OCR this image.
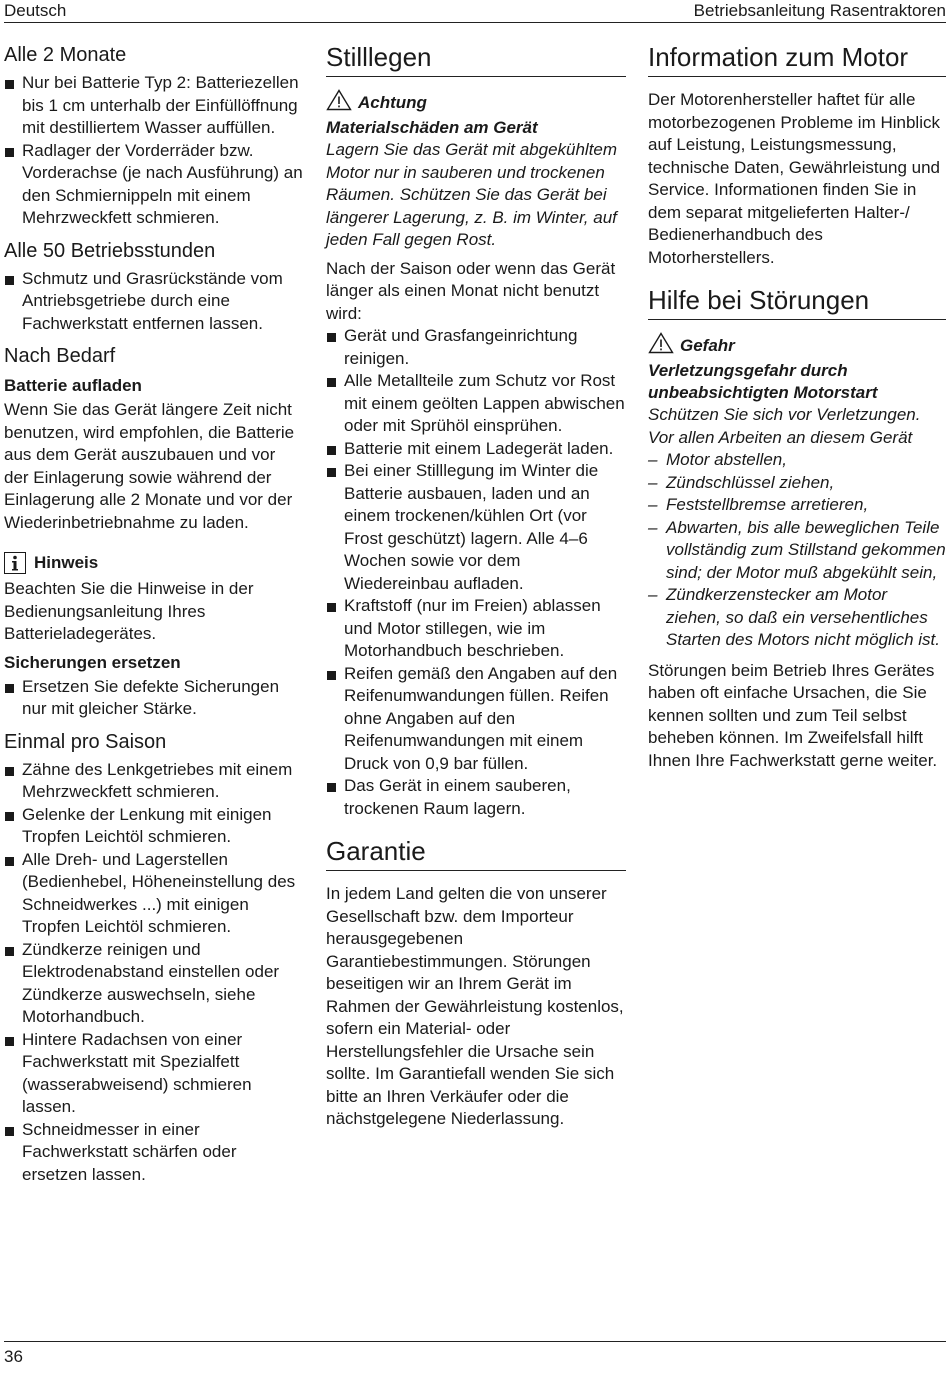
Deutsch	Betriebsanleitung Rasentraktoren
Alle 2 Monate
Nur bei Batterie Typ 2: Batteriezellen bis 1 cm unterhalb der Einfüllöffnung mit destilliertem Wasser auffüllen.
Radlager der Vorderräder bzw. Vorderachse (je nach Ausführung) an den Schmiernippeln mit einem Mehrzweckfett schmieren.
Alle 50 Betriebsstunden
Schmutz und Grasrückstände vom Antriebsgetriebe durch eine Fachwerkstatt entfernen lassen.
Nach Bedarf
Batterie aufladen

Wenn Sie das Gerät längere Zeit nicht benutzen, wird empfohlen, die Batterie aus dem Gerät auszubauen und vor der Einlagerung sowie während der Einlagerung alle 2 Monate und vor der Wiederinbetriebnahme zu laden.

Hinweis

Beachten Sie die Hinweise in der Bedienungsanleitung Ihres Batterieladegerätes.

Sicherungen ersetzen
Ersetzen Sie defekte Sicherungen nur mit gleicher Stärke.
Einmal pro Saison
Zähne des Lenkgetriebes mit einem Mehrzweckfett schmieren.
Gelenke der Lenkung mit einigen Tropfen Leichtöl schmieren.
Alle Dreh- und Lagerstellen (Bedienhebel, Höheneinstellung des Schneidwerkes ...) mit einigen Tropfen Leichtöl schmieren.
Zündkerze reinigen und Elektrodenabstand einstellen oder Zündkerze auswechseln, siehe Motorhandbuch.
Hintere Radachsen von einer Fachwerkstatt mit Spezialfett (wasserabweisend) schmieren lassen.
Schneidmesser in einer Fachwerkstatt schärfen oder ersetzen lassen.
Stilllegen
Achtung
Materialschäden am Gerät

Lagern Sie das Gerät mit abgekühltem Motor nur in sauberen und trockenen Räumen. Schützen Sie das Gerät bei längerer Lagerung, z. B. im Winter, auf jeden Fall gegen Rost.

Nach der Saison oder wenn das Gerät länger als einen Monat nicht benutzt wird:

Gerät und Grasfangeinrichtung reinigen.
Alle Metallteile zum Schutz vor Rost mit einem geölten Lappen abwischen oder mit Sprühöl einsprühen.
Batterie mit einem Ladegerät laden.
Bei einer Stilllegung im Winter die Batterie ausbauen, laden und an einem trockenen/kühlen Ort (vor Frost geschützt) lagern. Alle 4–6 Wochen sowie vor dem Wiedereinbau aufladen.
Kraftstoff (nur im Freien) ablassen und Motor stillegen, wie im Motorhandbuch beschrieben.
Reifen gemäß den Angaben auf den Reifenumwandungen füllen. Reifen ohne Angaben auf den Reifenumwandungen mit einem Druck von 0,9 bar füllen.
Das Gerät in einem sauberen, trockenen Raum lagern.
Garantie

In jedem Land gelten die von unserer Gesellschaft bzw. dem Importeur herausgegebenen Garantiebestimmungen. Störungen beseitigen wir an Ihrem Gerät im Rahmen der Gewährleistung kostenlos, sofern ein Material- oder Herstellungsfehler die Ursache sein sollte. Im Garantiefall wenden Sie sich bitte an Ihren Verkäufer oder die nächstgelegene Niederlassung.

Information zum Motor

Der Motorenhersteller haftet für alle motorbezogenen Probleme im Hinblick auf Leistung, Leistungsmessung, technische Daten, Gewährleistung und Service. Informationen finden Sie in dem separat mitgelieferten Halter-/ Bedienerhandbuch des Motorherstellers.

Hilfe bei Störungen
Gefahr
Verletzungsgefahr durch unbeabsichtigten Motorstart

Schützen Sie sich vor Verletzungen. Vor allen Arbeiten an diesem Gerät

– Motor abstellen,
– Zündschlüssel ziehen,
– Feststellbremse arretieren,
– Abwarten, bis alle beweglichen Teile vollständig zum Stillstand gekommen sind; der Motor muß abgekühlt sein,
– Zündkerzenstecker am Motor ziehen, so daß ein versehentliches Starten des Motors nicht möglich ist.

Störungen beim Betrieb Ihres Gerätes haben oft einfache Ursachen, die Sie kennen sollten und zum Teil selbst beheben können. Im Zweifelsfall hilft Ihnen Ihre Fachwerkstatt gerne weiter.

36
